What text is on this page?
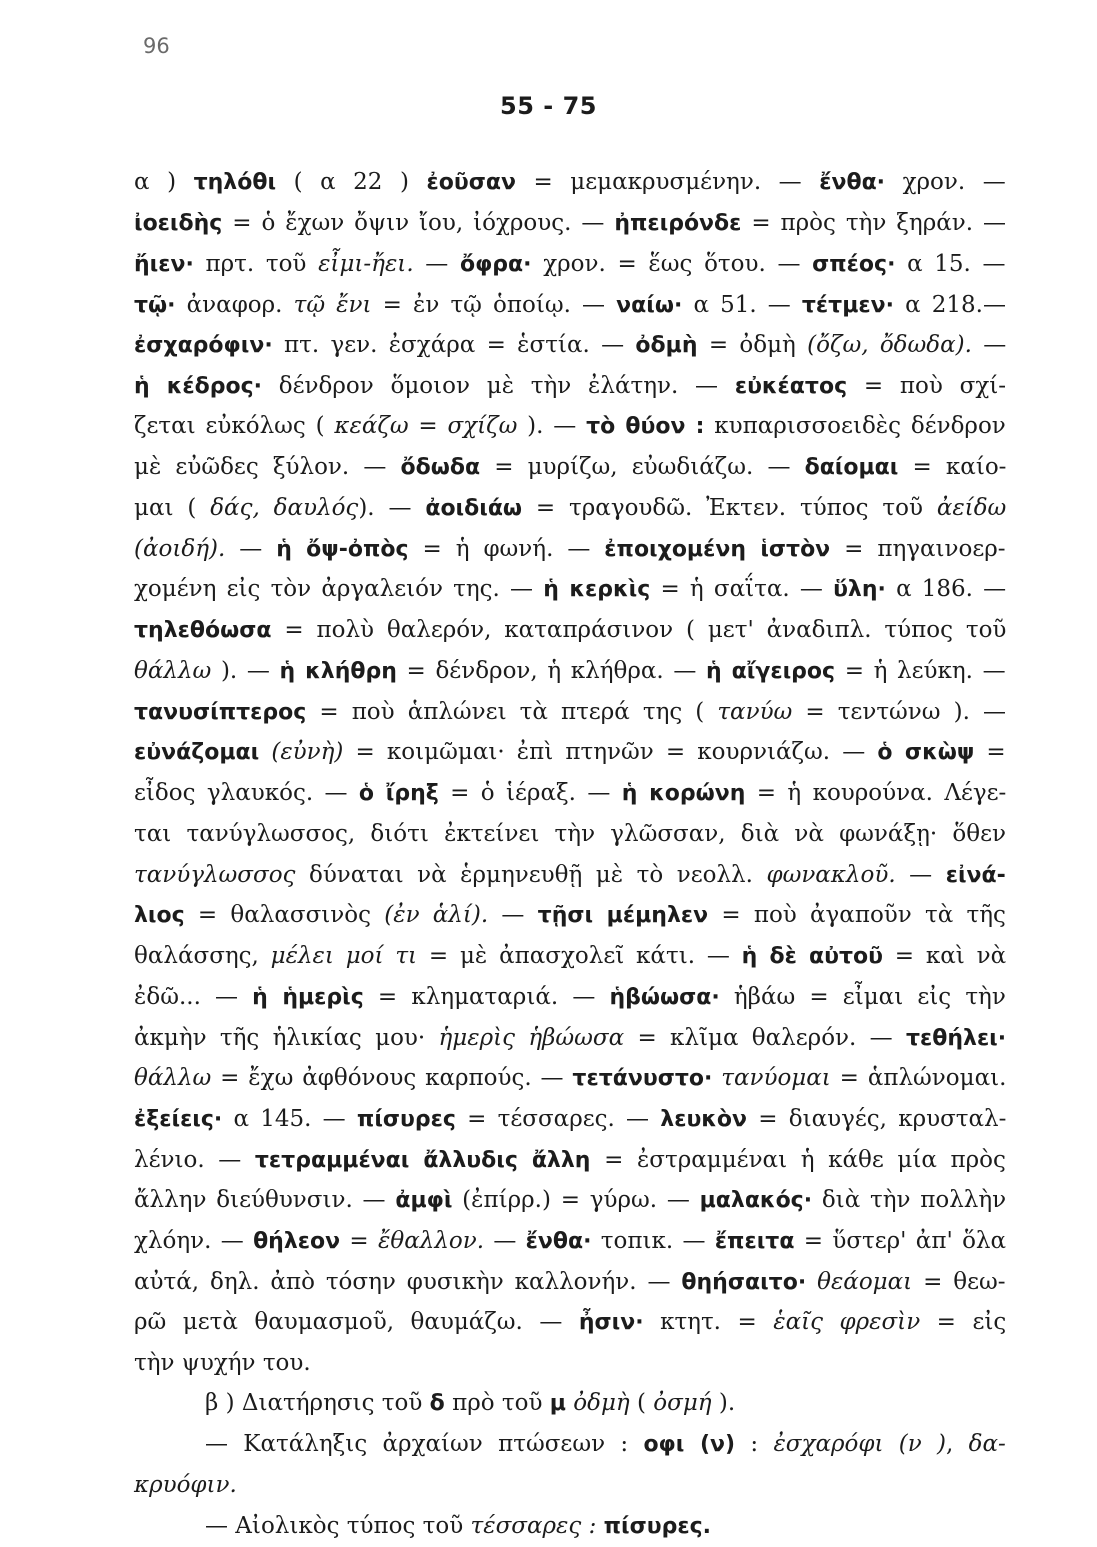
96
55 - 75
α ) τηλόθι ( α 22 ) ἐοῦσαν = μεμακρυσμένην. — ἔνθα· χρον. —
ἰοειδὴς = ὁ ἔχων ὄψιν ἴου, ἰόχρους. — ἠπειρόνδε = πρὸς τὴν ξηράν. —
ἤιεν· πρτ. τοῦ εἶμι-ἤει. — ὄφρα· χρον. = ἕως ὅτου. — σπέος· α 15. —
τῷ· ἀναφορ. τῷ ἔνι = ἐν τῷ ὁποίῳ. — ναίω· α 51. — τέτμεν· α 218.—
ἐσχαρόφιν· πτ. γεν. ἐσχάρα = ἑστία. — ὀδμὴ = ὀδμὴ (ὄζω, ὄδωδα). —
ἡ κέδρος· δένδρον ὅμοιον μὲ τὴν ἐλάτην. — εὐκέατος = ποὺ σχί-
ζεται εὐκόλως ( κεάζω = σχίζω ). — τὸ θύον : κυπαρισσοειδὲς δένδρον
μὲ εὐῶδες ξύλον. — ὄδωδα = μυρίζω, εὐωδιάζω. — δαίομαι = καίο-
μαι ( δάς, δαυλός). — ἀοιδιάω = τραγουδῶ. Ἐκτεν. τύπος τοῦ ἀείδω
(ἀοιδή). — ἡ ὄψ-ὀπὸς = ἡ φωνή. — ἐποιχομένη ἱστὸν = πηγαινοερ-
χομένη εἰς τὸν ἀργαλειόν της. — ἡ κερκὶς = ἡ σαΐτα. — ὕλη· α 186. —
τηλεθόωσα = πολὺ θαλερόν, καταπράσινον ( μετ' ἀναδιπλ. τύπος τοῦ
θάλλω ). — ἡ κλήθρη = δένδρον, ἡ κλήθρα. — ἡ αἴγειρος = ἡ λεύκη. —
τανυσίπτερος = ποὺ ἁπλώνει τὰ πτερά της ( τανύω = τεντώνω ). —
εὐνάζομαι (εὐνὴ) = κοιμῶμαι· ἐπὶ πτηνῶν = κουρνιάζω. — ὁ σκὼψ =
εἶδος γλαυκός. — ὁ ἴρηξ = ὁ ἱέραξ. — ἡ κορώνη = ἡ κουρούνα. Λέγε-
ται τανύγλωσσος, διότι ἐκτείνει τὴν γλῶσσαν, διὰ νὰ φωνάξῃ· ὅθεν
τανύγλωσσος δύναται νὰ ἑρμηνευθῇ μὲ τὸ νεολλ. φωνακλοῦ. — εἰνά-
λιος = θαλασσινὸς (ἐν ἁλί). — τῇσι μέμηλεν = ποὺ ἀγαποῦν τὰ τῆς
θαλάσσης, μέλει μοί τι = μὲ ἀπασχολεῖ κάτι. — ἡ δὲ αὐτοῦ = καὶ νὰ
ἐδῶ... — ἡ ἡμερὶς = κληματαριά. — ἡβώωσα· ἡβάω = εἶμαι εἰς τὴν
ἀκμὴν τῆς ἡλικίας μου· ἡμερὶς ἡβώωσα = κλῖμα θαλερόν. — τεθήλει·
θάλλω = ἔχω ἀφθόνους καρπούς. — τετάνυστο· τανύομαι = ἁπλώνομαι.
ἐξείεις· α 145. — πίσυρες = τέσσαρες. — λευκὸν = διαυγές, κρυσταλ-
λένιο. — τετραμμέναι ἄλλυδις ἄλλη = ἐστραμμέναι ἡ κάθε μία πρὸς
ἄλλην διεύθυνσιν. — ἀμφὶ (ἐπίρρ.) = γύρω. — μαλακός· διὰ τὴν πολλὴν
χλόην. — θήλεον = ἔθαλλον. — ἔνθα· τοπικ. — ἔπειτα = ὕστερ' ἀπ' ὅλα
αὐτά, δηλ. ἀπὸ τόσην φυσικὴν καλλονήν. — θηήσαιτο· θεάομαι = θεω-
ρῶ μετὰ θαυμασμοῦ, θαυμάζω. — ἦσιν· κτητ. = ἑαῖς φρεσὶν = εἰς
τὴν ψυχήν του.
β ) Διατήρησις τοῦ δ πρὸ τοῦ μ ὀδμὴ ( ὀσμή ).
— Κατάληξις ἀρχαίων πτώσεων : οφι (ν) : ἐσχαρόφι (ν ), δα-
κρυόφιν.
— Αἰολικὸς τύπος τοῦ τέσσαρες : πίσυρες.
